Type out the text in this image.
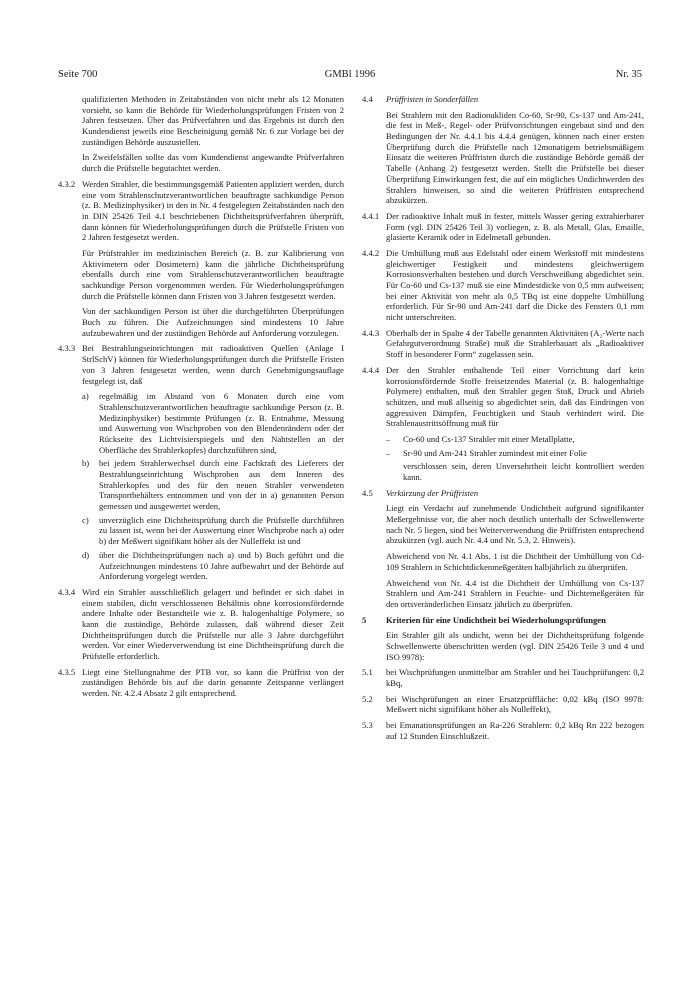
Seite 700	GMBl 1996	Nr. 35
qualifizierten Methoden in Zeitabständen von nicht mehr als 12 Monaten vorsieht, so kann die Behörde für Wiederholungsprüfungen Fristen von 2 Jahren festsetzen. Über das Prüfverfahren und das Ergebnis ist durch den Kundendienst jeweils eine Bescheinigung gemäß Nr. 6 zur Vorlage bei der zuständigen Behörde auszustellen.
In Zweifelsfällen sollte das vom Kundendienst angewandte Prüfverfahren durch die Prüfstelle begutachtet werden.
4.3.2 Werden Strahler, die bestimmungsgemäß Patienten appliziert werden, durch eine vom Strahlenschutzverantwortlichen beauftragte sachkundige Person (z. B. Medizinphysiker) in den in Nr. 4 festgelegten Zeitabständen nach den in DIN 25426 Teil 4.1 beschriebenen Dichtheitsprüfverfahren überprüft, dann können für Wiederholungsprüfungen durch die Prüfstelle Fristen von 2 Jahren festgesetzt werden.
Für Prüfstrahler im medizinischen Bereich (z. B. zur Kalibrierung von Aktivimetern oder Dosimetern) kann die jährliche Dichtheitsprüfung ebenfalls durch eine vom Strahlenschutzverantwortlichen beauftragte sachkundige Person vorgenommen werden. Für Wiederholungsprüfungen durch die Prüfstelle können dann Fristen von 3 Jahren festgesetzt werden.
Von der sachkundigen Person ist über die durchgeführten Überprüfungen Buch zu führen. Die Aufzeichnungen sind mindestens 10 Jahre aufzubewahren und der zuständigen Behörde auf Anforderung vorzulegen.
4.3.3 Bei Bestrahlungseinrichtungen mit radioaktiven Quellen (Anlage I StrlSchV) können für Wiederholungsprüfungen durch die Prüfstelle Fristen von 3 Jahren festgesetzt werden, wenn durch Genehmigungsauflage festgelegt ist, daß
a) regelmäßig im Abstand von 6 Monaten durch eine vom Strahlenschutzverantwortlichen beauftragte sachkundige Person (z. B. Medizinphysiker) bestimmte Prüfungen (z. B. Entnahme, Messung und Auswertung von Wischproben von den Blendenrändern oder der Rückseite des Lichtvisierspiegels und den Nahtstellen an der Oberfläche des Strahlerkopfes) durchzuführen sind,
b) bei jedem Strahlerwechsel durch eine Fachkraft des Lieferers der Bestrahlungseinrichtung Wischproben aus dem Inneren des Strahlerkopfes und des für den neuen Strahler verwendeten Transportbehälters entnommen und von der in a) genannten Person gemessen und ausgewertet werden,
c) unverzüglich eine Dichtheitsprüfung durch die Prüfstelle durchführen zu lassen ist, wenn bei der Auswertung einer Wischprobe nach a) oder b) der Meßwert signifikant höher als der Nulleffekt ist und
d) über die Dichtheitsprüfungen nach a) und b) Buch geführt und die Aufzeichnungen mindestens 10 Jahre aufbewahrt und der Behörde auf Anforderung vorgelegt werden.
4.3.4 Wird ein Strahler ausschließlich gelagert und befindet er sich dabei in einem stabilen, dicht verschlossenen Behältnis ohne korrosionsfördernde andere Inhalte oder Bestandteile wie z. B. halogenhaltige Polymere, so kann die zuständige, Behörde zulassen, daß während dieser Zeit Dichtheitsprüfungen durch die Prüfstelle nur alle 3 Jahre durchgeführt werden. Vor einer Wiederverwendung ist eine Dichtheitsprüfung durch die Prüfstelle erforderlich.
4.3.5 Liegt eine Stellungnahme der PTB vor, so kann die Prüffrist von der zuständigen Behörde bis auf die darin genannte Zeitspanne verlängert werden. Nr. 4.2.4 Absatz 2 gilt entsprechend.
4.4 Prüffristen in Sonderfällen
Bei Strahlern mit den Radionukliden Co-60, Sr-90, Cs-137 und Am-241, die fest in Meß-, Regel- oder Prüfvorrichtungen eingebaut sind und den Bedingungen der Nr. 4.4.1 bis 4.4.4 genügen, können nach einer ersten Überprüfung durch die Prüfstelle nach 12monatigem betriebsmäßigem Einsatz die weiteren Prüffristen durch die zuständige Behörde gemäß der Tabelle (Anhang 2) festgesetzt werden. Stellt die Prüfstelle bei dieser Überprüfung Einwirkungen fest, die auf ein mögliches Undichtwerden des Strahlers hinweisen, so sind die weiteren Prüffristen entsprechend abzukürzen.
4.4.1 Der radioaktive Inhalt muß in fester, mittels Wasser gering extrahierbarer Form (vgl. DIN 25426 Teil 3) vorliegen, z. B. als Metall, Glas, Emaille, glasierte Keramik oder in Edelmetall gebunden.
4.4.2 Die Umhüllung muß aus Edelstahl oder einem Werkstoff mit mindestens gleichwertiger Festigkeit und mindestens gleichwertigem Korrosionsverhalten bestehen und durch Verschweißung abgedichtet sein. Für Co-60 und Cs-137 muß sie eine Mindestdicke von 0,5 mm aufweisen; bei einer Aktivität von mehr als 0,5 TBq ist eine doppelte Umhüllung erforderlich. Für Sr-90 und Am-241 darf die Dicke des Fensters 0,1 mm nicht unterschreiten.
4.4.3 Oberhalb der in Spalte 4 der Tabelle genannten Aktivitäten (A₂-Werte nach Gefahrgutverordnung Straße) muß die Strahlerbauart als „Radioaktiver Stoff in besonderer Form“ zugelassen sein.
4.4.4 Der den Strahler enthaltende Teil einer Vorrichtung darf kein korrosionsfördernde Stoffe freisetzendes Material (z. B. halogenhaltige Polymere) enthalten, muß den Strahler gegen Stoß, Druck und Abrieb schützen, und muß allseitig so abgedichtet sein, daß das Eindringen von aggressiven Dämpfen, Feuchtigkeit und Staub verhindert wird. Die Strahlenaustrittsöffnung muß für
– Co-60 und Cs-137 Strahler mit einer Metallplatte,
– Sr-90 und Am-241 Strahler zumindest mit einer Folie
verschlossen sein, deren Unversehrtheit leicht kontrolliert werden kann.
4.5 Verkürzung der Prüffristen
Liegt ein Verdacht auf zunehmende Undichtheit aufgrund signifikanter Meßergebnisse vor, die aber noch deutlich unterhalb der Schwellenwerte nach Nr. 5 liegen, sind bei Weiterverwendung die Prüffristen entsprechend abzukürzen (vgl. auch Nr. 4.4 und Nr. 5.3, 2. Hinweis).
Abweichend von Nr. 4.1 Abs. 1 ist die Dichtheit der Umhüllung von Cd-109 Strahlern in Schichtdickenmeßgeräten halbjährlich zu überprüfen.
Abweichend von Nr. 4.4 ist die Dichtheit der Umhüllung von Cs-137 Strahlern und Am-241 Strahlern in Feuchte- und Dichtemeßgeräten für den ortsveränderlichen Einsatz jährlich zu überprüfen.
5 Kriterien für eine Undichtheit bei Wiederholungsprüfungen
Ein Strahler gilt als undicht, wenn bei der Dichtheitsprüfung folgende Schwellenwerte überschritten werden (vgl. DIN 25426 Teile 3 und 4 und ISO 9978):
5.1 bei Wischprüfungen unmittelbar am Strahler und bei Tauchprüfungen: 0,2 kBq,
5.2 bei Wischprüfungen an einer Ersatzprüffläche: 0,02 kBq (ISO 9978: Meßwert nicht signifikant höher als Nulleffekt),
5.3 bei Emanationsprüfungen an Ra-226 Strahlern: 0,2 kBq Rn 222 bezogen auf 12 Stunden Einschlußzeit.
